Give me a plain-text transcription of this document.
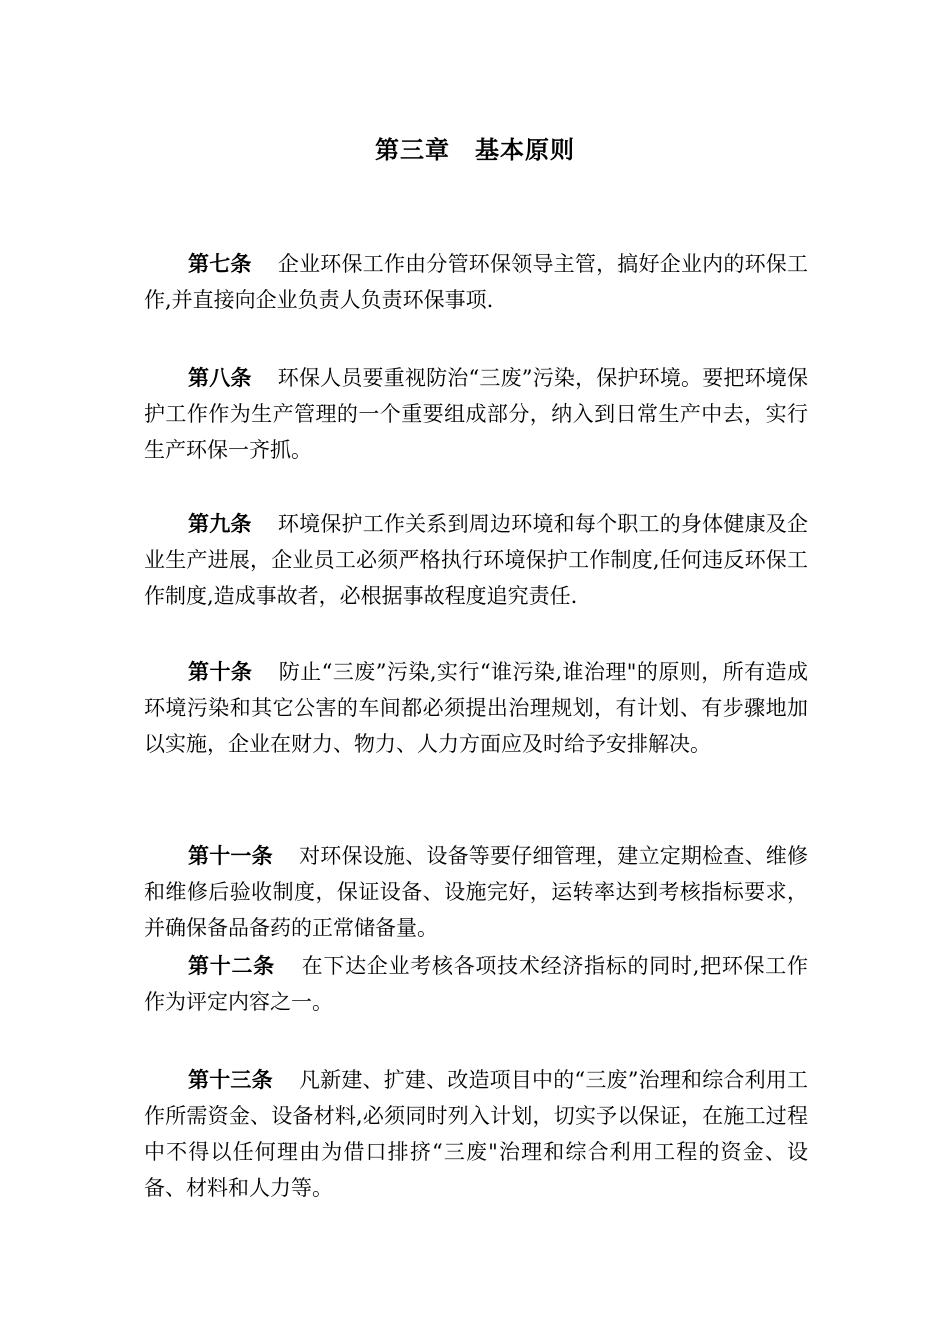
第三章　基本原则

第七条 企业环保工作由分管环保领导主管，搞好企业内的环保工作,并直接向企业负责人负责环保事项.

第八条 环保人员要重视防治“三废”污染，保护环境。要把环境保护工作作为生产管理的一个重要组成部分，纳入到日常生产中去，实行生产环保一齐抓。

第九条 环境保护工作关系到周边环境和每个职工的身体健康及企业生产进展，企业员工必须严格执行环境保护工作制度,任何违反环保工作制度,造成事故者，必根据事故程度追究责任.

第十条 防止“三废”污染,实行“谁污染,谁治理"的原则，所有造成环境污染和其它公害的车间都必须提出治理规划，有计划、有步骤地加以实施，企业在财力、物力、人力方面应及时给予安排解决。

第十一条 对环保设施、设备等要仔细管理，建立定期检查、维修和维修后验收制度，保证设备、设施完好，运转率达到考核指标要求，并确保备品备药的正常储备量。

第十二条 在下达企业考核各项技术经济指标的同时,把环保工作作为评定内容之一。

第十三条 凡新建、扩建、改造项目中的“三废”治理和综合利用工作所需资金、设备材料,必须同时列入计划，切实予以保证，在施工过程中不得以任何理由为借口排挤“三废"治理和综合利用工程的资金、设备、材料和人力等。
